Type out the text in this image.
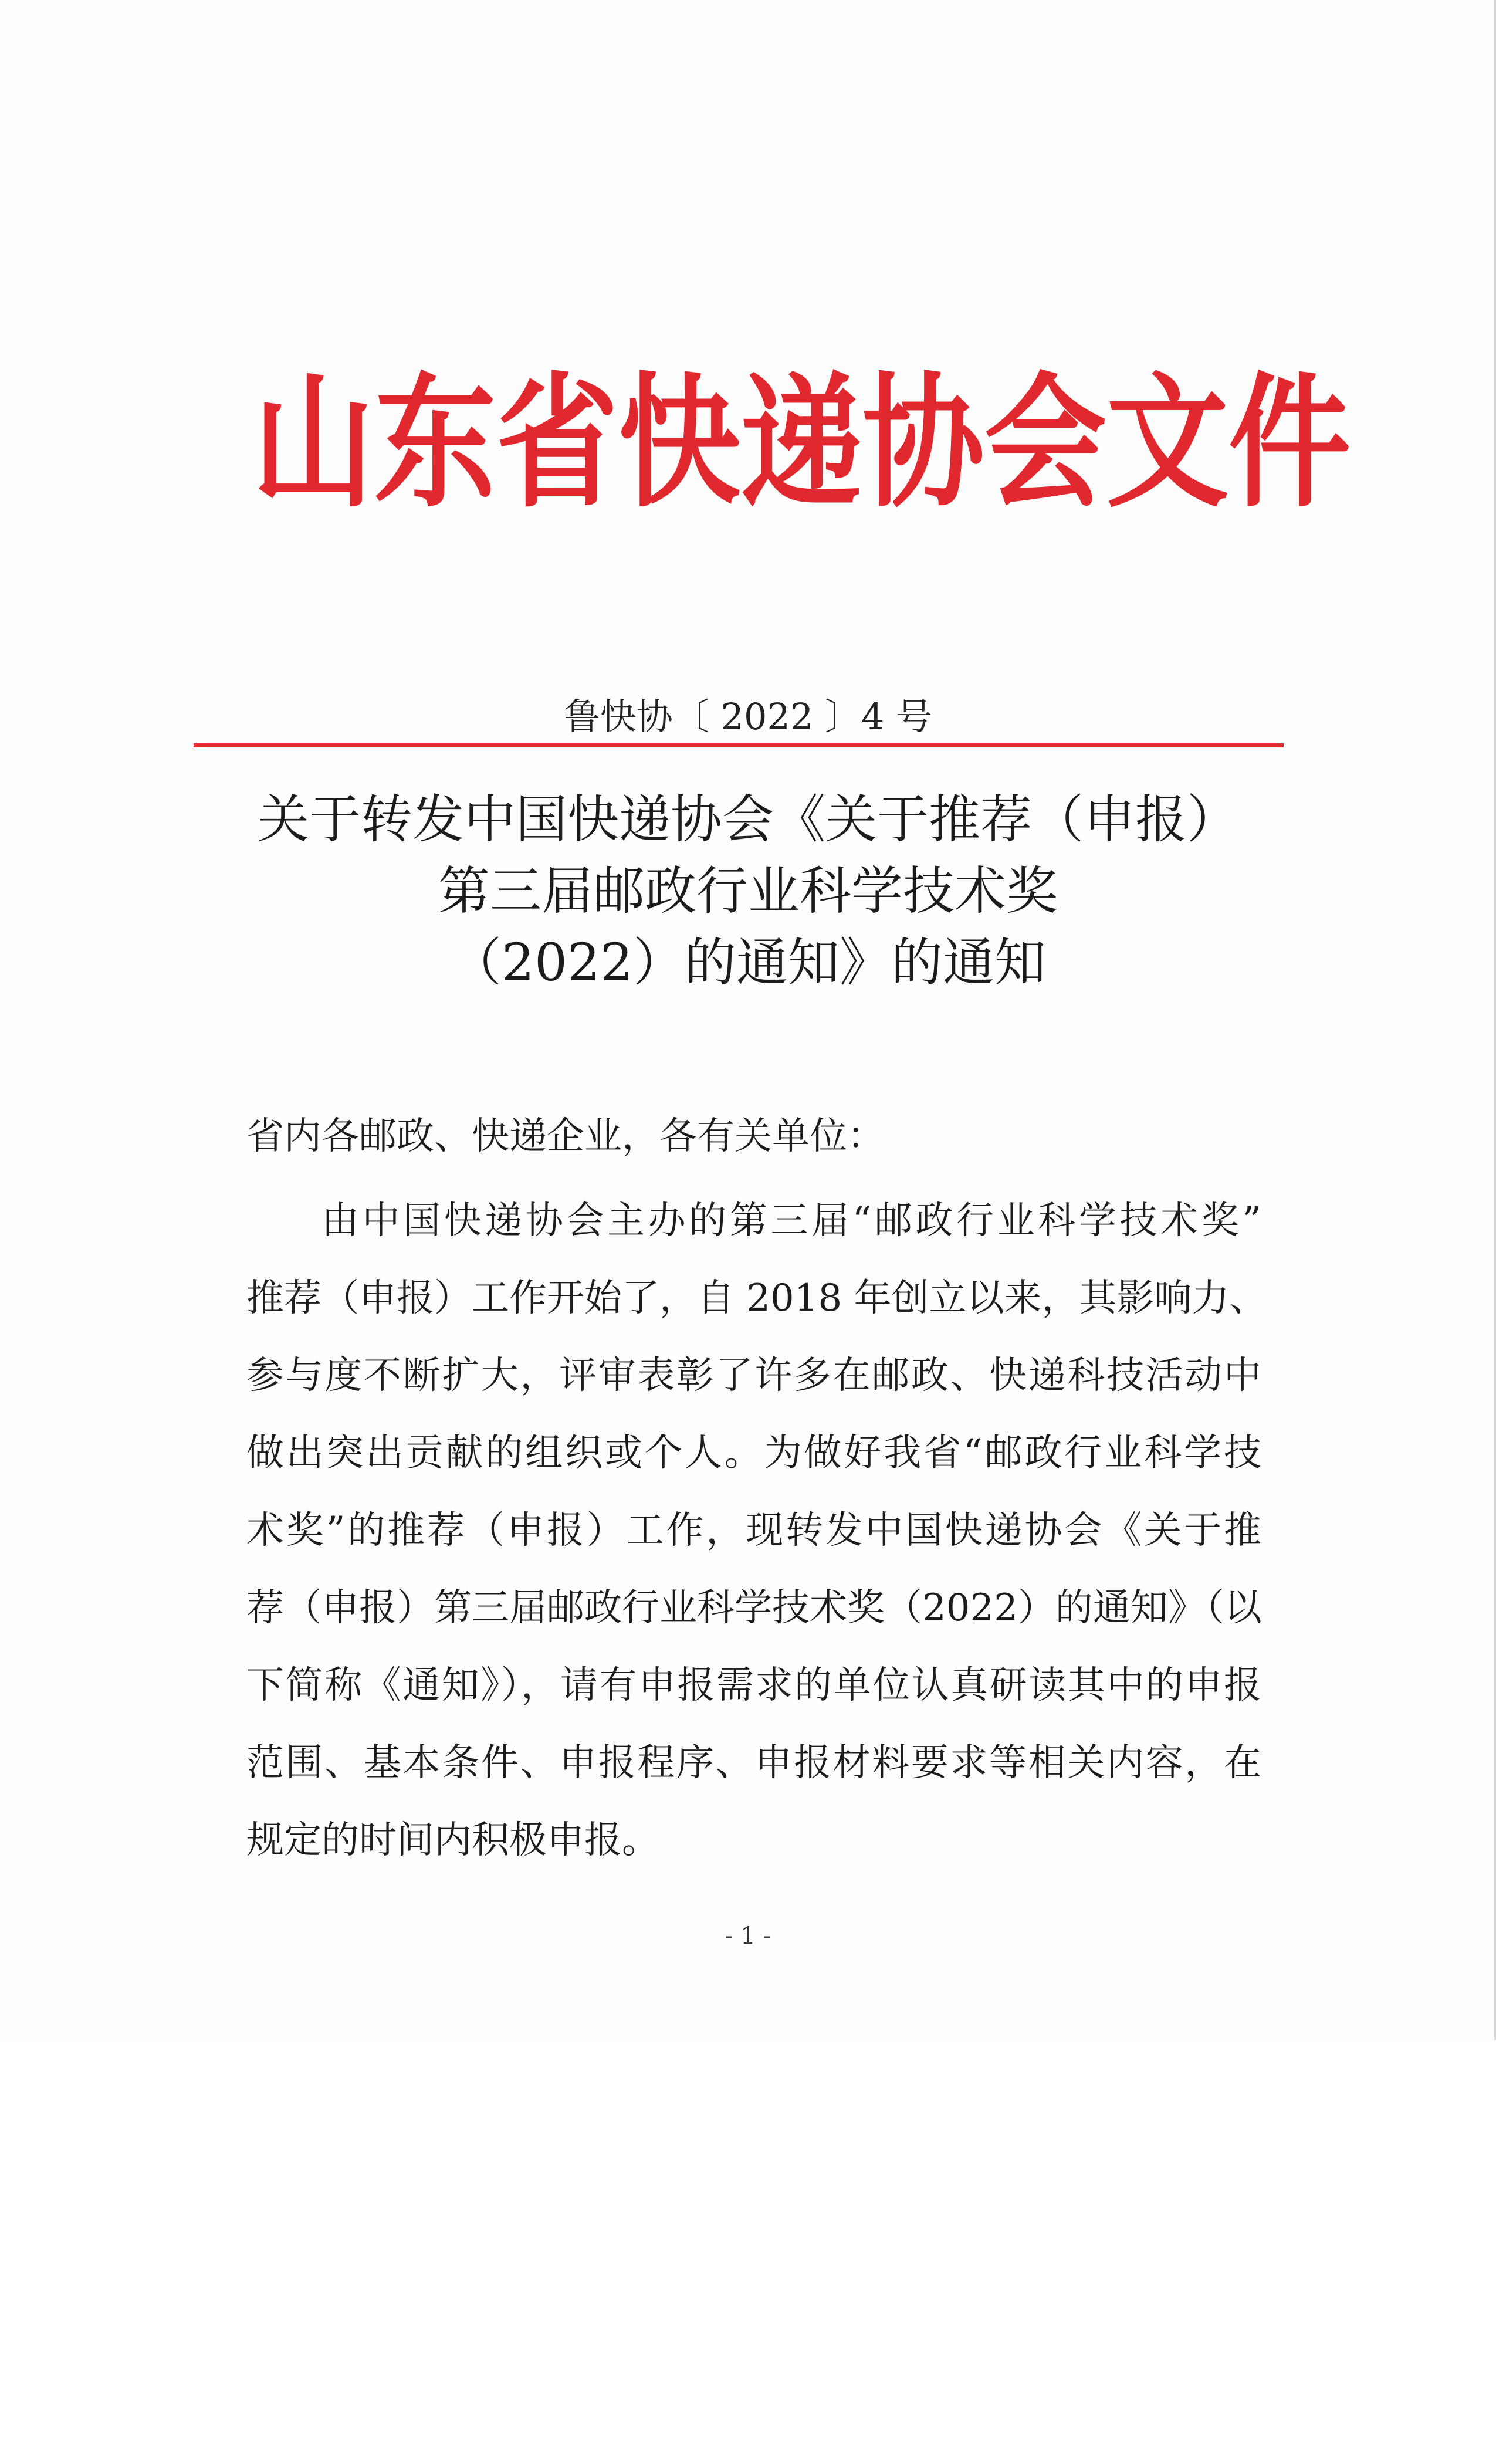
山东省快递协会文件
鲁快协〔 2022 〕4 号
关于转发中国快递协会《关于推荐（申报）
第三届邮政行业科学技术奖
（2022）的通知》的通知

省内各邮政、快递企业，各有关单位：

由中国快递协会主办的第三届“邮政行业科学技术奖”
推荐（申报）工作开始了，自 2018 年创立以来，其影响力、
参与度不断扩大，评审表彰了许多在邮政、快递科技活动中
做出突出贡献的组织或个人。为做好我省“邮政行业科学技
术奖”的推荐（申报）工作，现转发中国快递协会《关于推
荐（申报）第三届邮政行业科学技术奖（2022）的通知》（以
下简称《通知》），请有申报需求的单位认真研读其中的申报
范围、基本条件、申报程序、申报材料要求等相关内容，在
规定的时间内积极申报。
- 1 -
